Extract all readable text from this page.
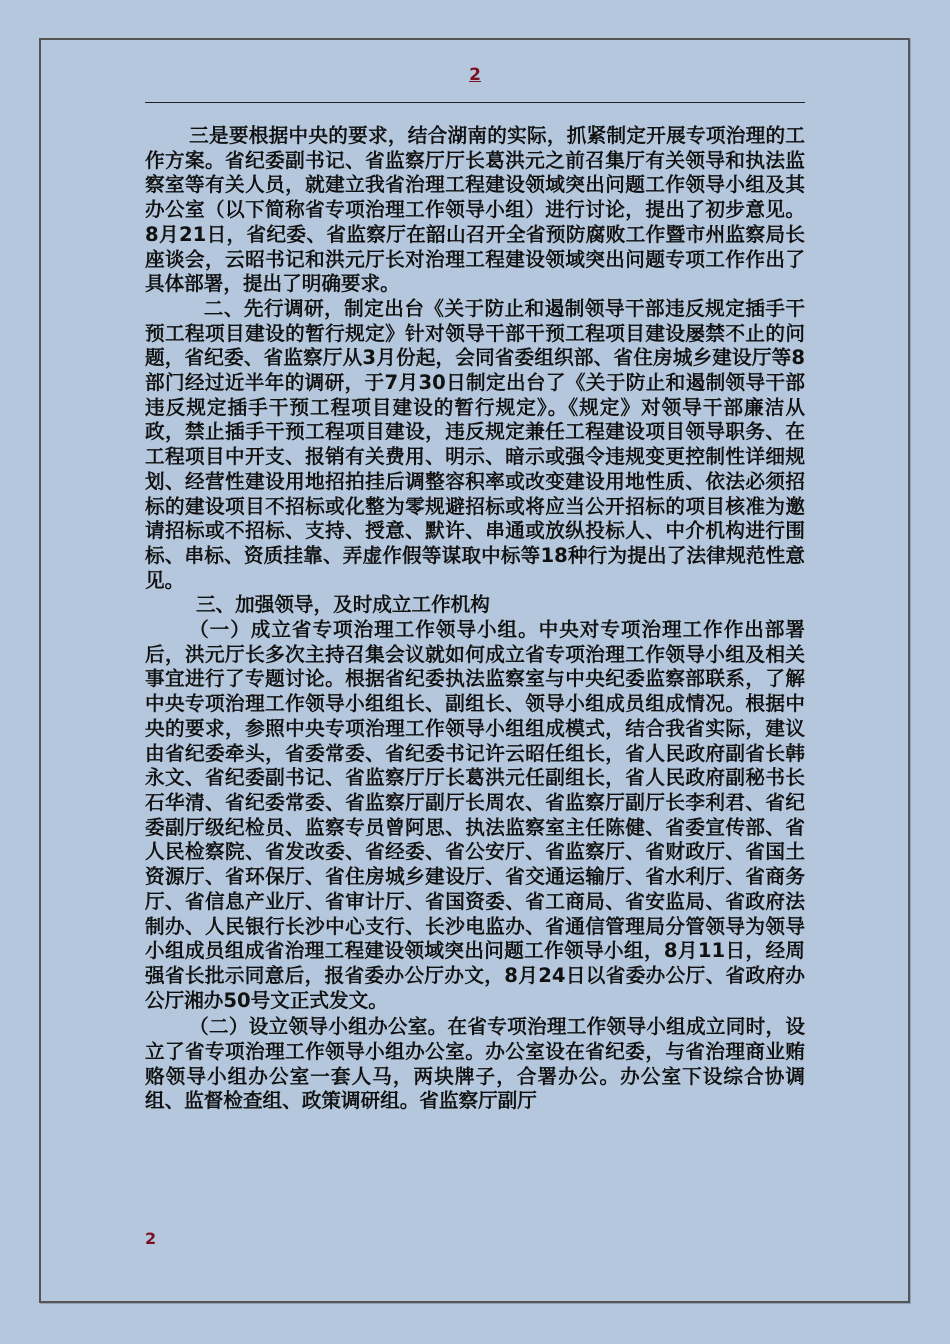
2

三是要根据中央的要求，结合湖南的实际，抓紧制定开展专项治理的工作方案。省纪委副书记、省监察厅厅长葛洪元之前召集厅有关领导和执法监察室等有关人员，就建立我省治理工程建设领域突出问题工作领导小组及其办公室（以下简称省专项治理工作领导小组）进行讨论，提出了初步意见。8月21日，省纪委、省监察厅在韶山召开全省预防腐败工作暨市州监察局长座谈会，云昭书记和洪元厅长对治理工程建设领域突出问题专项工作作出了具体部署，提出了明确要求。

二、先行调研，制定出台《关于防止和遏制领导干部违反规定插手干预工程项目建设的暂行规定》针对领导干部干预工程项目建设屡禁不止的问题，省纪委、省监察厅从3月份起，会同省委组织部、省住房城乡建设厅等8部门经过近半年的调研，于7月30日制定出台了《关于防止和遏制领导干部违反规定插手干预工程项目建设的暂行规定》。《规定》对领导干部廉洁从政，禁止插手干预工程项目建设，违反规定兼任工程建设项目领导职务、在工程项目中开支、报销有关费用、明示、暗示或强令违规变更控制性详细规划、经营性建设用地招拍挂后调整容积率或改变建设用地性质、依法必须招标的建设项目不招标或化整为零规避招标或将应当公开招标的项目核准为邀请招标或不招标、支持、授意、默许、串通或放纵投标人、中介机构进行围标、串标、资质挂靠、弄虚作假等谋取中标等18种行为提出了法律规范性意见。

三、加强领导，及时成立工作机构

（一）成立省专项治理工作领导小组。中央对专项治理工作作出部署后，洪元厅长多次主持召集会议就如何成立省专项治理工作领导小组及相关事宜进行了专题讨论。根据省纪委执法监察室与中央纪委监察部联系，了解中央专项治理工作领导小组组长、副组长、领导小组成员组成情况。根据中央的要求，参照中央专项治理工作领导小组组成模式，结合我省实际，建议由省纪委牵头，省委常委、省纪委书记许云昭任组长，省人民政府副省长韩永文、省纪委副书记、省监察厅厅长葛洪元任副组长，省人民政府副秘书长石华清、省纪委常委、省监察厅副厅长周农、省监察厅副厅长李利君、省纪委副厅级纪检员、监察专员曾阿思、执法监察室主任陈健、省委宣传部、省人民检察院、省发改委、省经委、省公安厅、省监察厅、省财政厅、省国土资源厅、省环保厅、省住房城乡建设厅、省交通运输厅、省水利厅、省商务厅、省信息产业厅、省审计厅、省国资委、省工商局、省安监局、省政府法制办、人民银行长沙中心支行、长沙电监办、省通信管理局分管领导为领导小组成员组成省治理工程建设领域突出问题工作领导小组，8月11日，经周强省长批示同意后，报省委办公厅办文，8月24日以省委办公厅、省政府办公厅湘办50号文正式发文。

（二）设立领导小组办公室。在省专项治理工作领导小组成立同时，设立了省专项治理工作领导小组办公室。办公室设在省纪委，与省治理商业贿赂领导小组办公室一套人马，两块牌子，合署办公。办公室下设综合协调组、监督检查组、政策调研组。省监察厅副厅

2
